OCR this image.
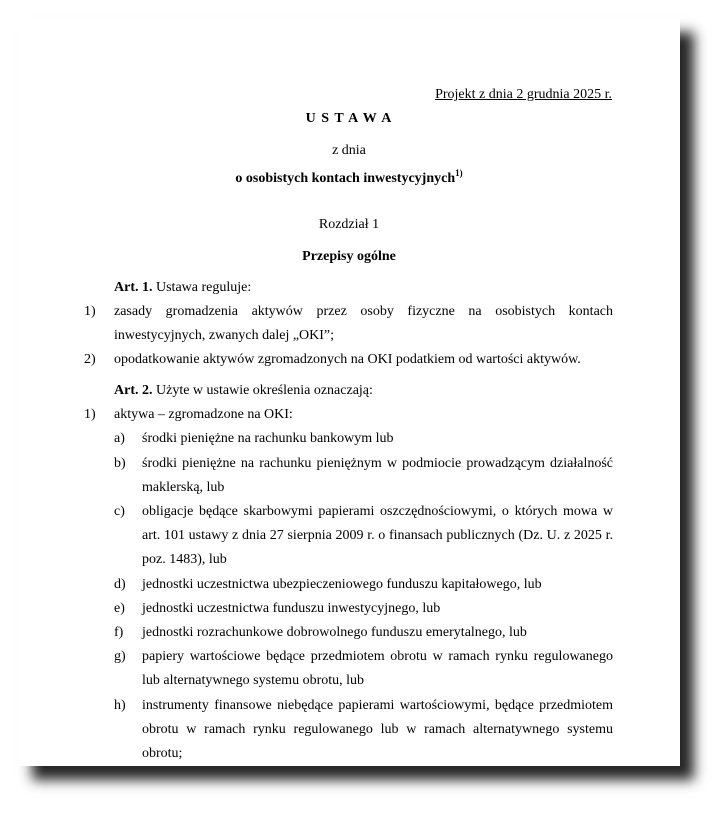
Projekt z dnia 2 grudnia 2025 r.
U S T A W A
z dnia
o osobistych kontach inwestycyjnych$^{1)}$
Rozdział 1
Przepisy ogólne
Art. 1. Ustawa reguluje:
1) zasady gromadzenia aktywów przez osoby fizyczne na osobistych kontach inwestycyjnych, zwanych dalej „OKI”;
2) opodatkowanie aktywów zgromadzonych na OKI podatkiem od wartości aktywów.
Art. 2. Użyte w ustawie określenia oznaczają:
1) aktywa – zgromadzone na OKI:
a) środki pieniężne na rachunku bankowym lub
b) środki pieniężne na rachunku pieniężnym w podmiocie prowadzącym działalność maklerską, lub
c) obligacje będące skarbowymi papierami oszczędnościowymi, o których mowa w art. 101 ustawy z dnia 27 sierpnia 2009 r. o finansach publicznych (Dz. U. z 2025 r. poz. 1483), lub
d) jednostki uczestnictwa ubezpieczeniowego funduszu kapitałowego, lub
e) jednostki uczestnictwa funduszu inwestycyjnego, lub
f) jednostki rozrachunkowe dobrowolnego funduszu emerytalnego, lub
g) papiery wartościowe będące przedmiotem obrotu w ramach rynku regulowanego lub alternatywnego systemu obrotu, lub
h) instrumenty finansowe niebędące papierami wartościowymi, będące przedmiotem obrotu w ramach rynku regulowanego lub w ramach alternatywnego systemu obrotu;
